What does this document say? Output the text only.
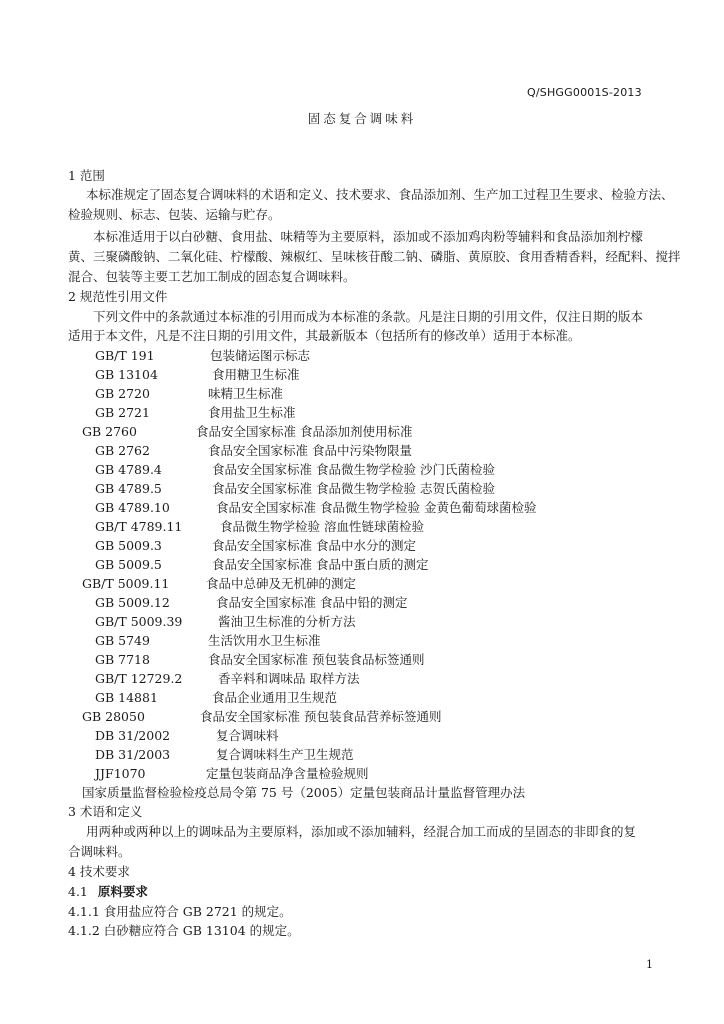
Q/SHGG0001S-2013
固态复合调味料
1 范围
本标准规定了固态复合调味料的术语和定义、技术要求、食品添加剂、生产加工过程卫生要求、检验方法、
检验规则、标志、包装、运输与贮存。
本标准适用于以白砂糖、食用盐、味精等为主要原料，添加或不添加鸡肉粉等辅料和食品添加剂柠檬
黄、三聚磷酸钠、二氧化硅、柠檬酸、辣椒红、呈味核苷酸二钠、磷脂、黄原胶、食用香精香料，经配料、搅拌
混合、包装等主要工艺加工制成的固态复合调味料。
2 规范性引用文件
下列文件中的条款通过本标准的引用而成为本标准的条款。凡是注日期的引用文件，仅注日期的版本
适用于本文件，凡是不注日期的引用文件，其最新版本（包括所有的修改单）适用于本标准。
GB/T 191	包装储运图示标志
GB 13104	食用糖卫生标准
GB 2720	味精卫生标准
GB 2721	食用盐卫生标准
GB 2760	食品安全国家标准 食品添加剂使用标准
GB 2762	食品安全国家标准 食品中污染物限量
GB 4789.4	食品安全国家标准 食品微生物学检验 沙门氏菌检验
GB 4789.5	食品安全国家标准 食品微生物学检验 志贺氏菌检验
GB 4789.10	食品安全国家标准 食品微生物学检验 金黄色葡萄球菌检验
GB/T 4789.11	食品微生物学检验 溶血性链球菌检验
GB 5009.3	食品安全国家标准 食品中水分的测定
GB 5009.5	食品安全国家标准 食品中蛋白质的测定
GB/T 5009.11	食品中总砷及无机砷的测定
GB 5009.12	食品安全国家标准 食品中铅的测定
GB/T 5009.39	酱油卫生标准的分析方法
GB 5749	生活饮用水卫生标准
GB 7718	食品安全国家标准 预包装食品标签通则
GB/T 12729.2	香辛料和调味品 取样方法
GB 14881	食品企业通用卫生规范
GB 28050	食品安全国家标准 预包装食品营养标签通则
DB 31/2002	复合调味料
DB 31/2003	复合调味料生产卫生规范
JJF1070	定量包装商品净含量检验规则
国家质量监督检验检疫总局令第 75 号（2005）定量包装商品计量监督管理办法
3 术语和定义
用两种或两种以上的调味品为主要原料，添加或不添加辅料，经混合加工而成的呈固态的非即食的复
合调味料。
4 技术要求
4.1 原料要求
4.1.1 食用盐应符合 GB 2721 的规定。
4.1.2 白砂糖应符合 GB 13104 的规定。
1
